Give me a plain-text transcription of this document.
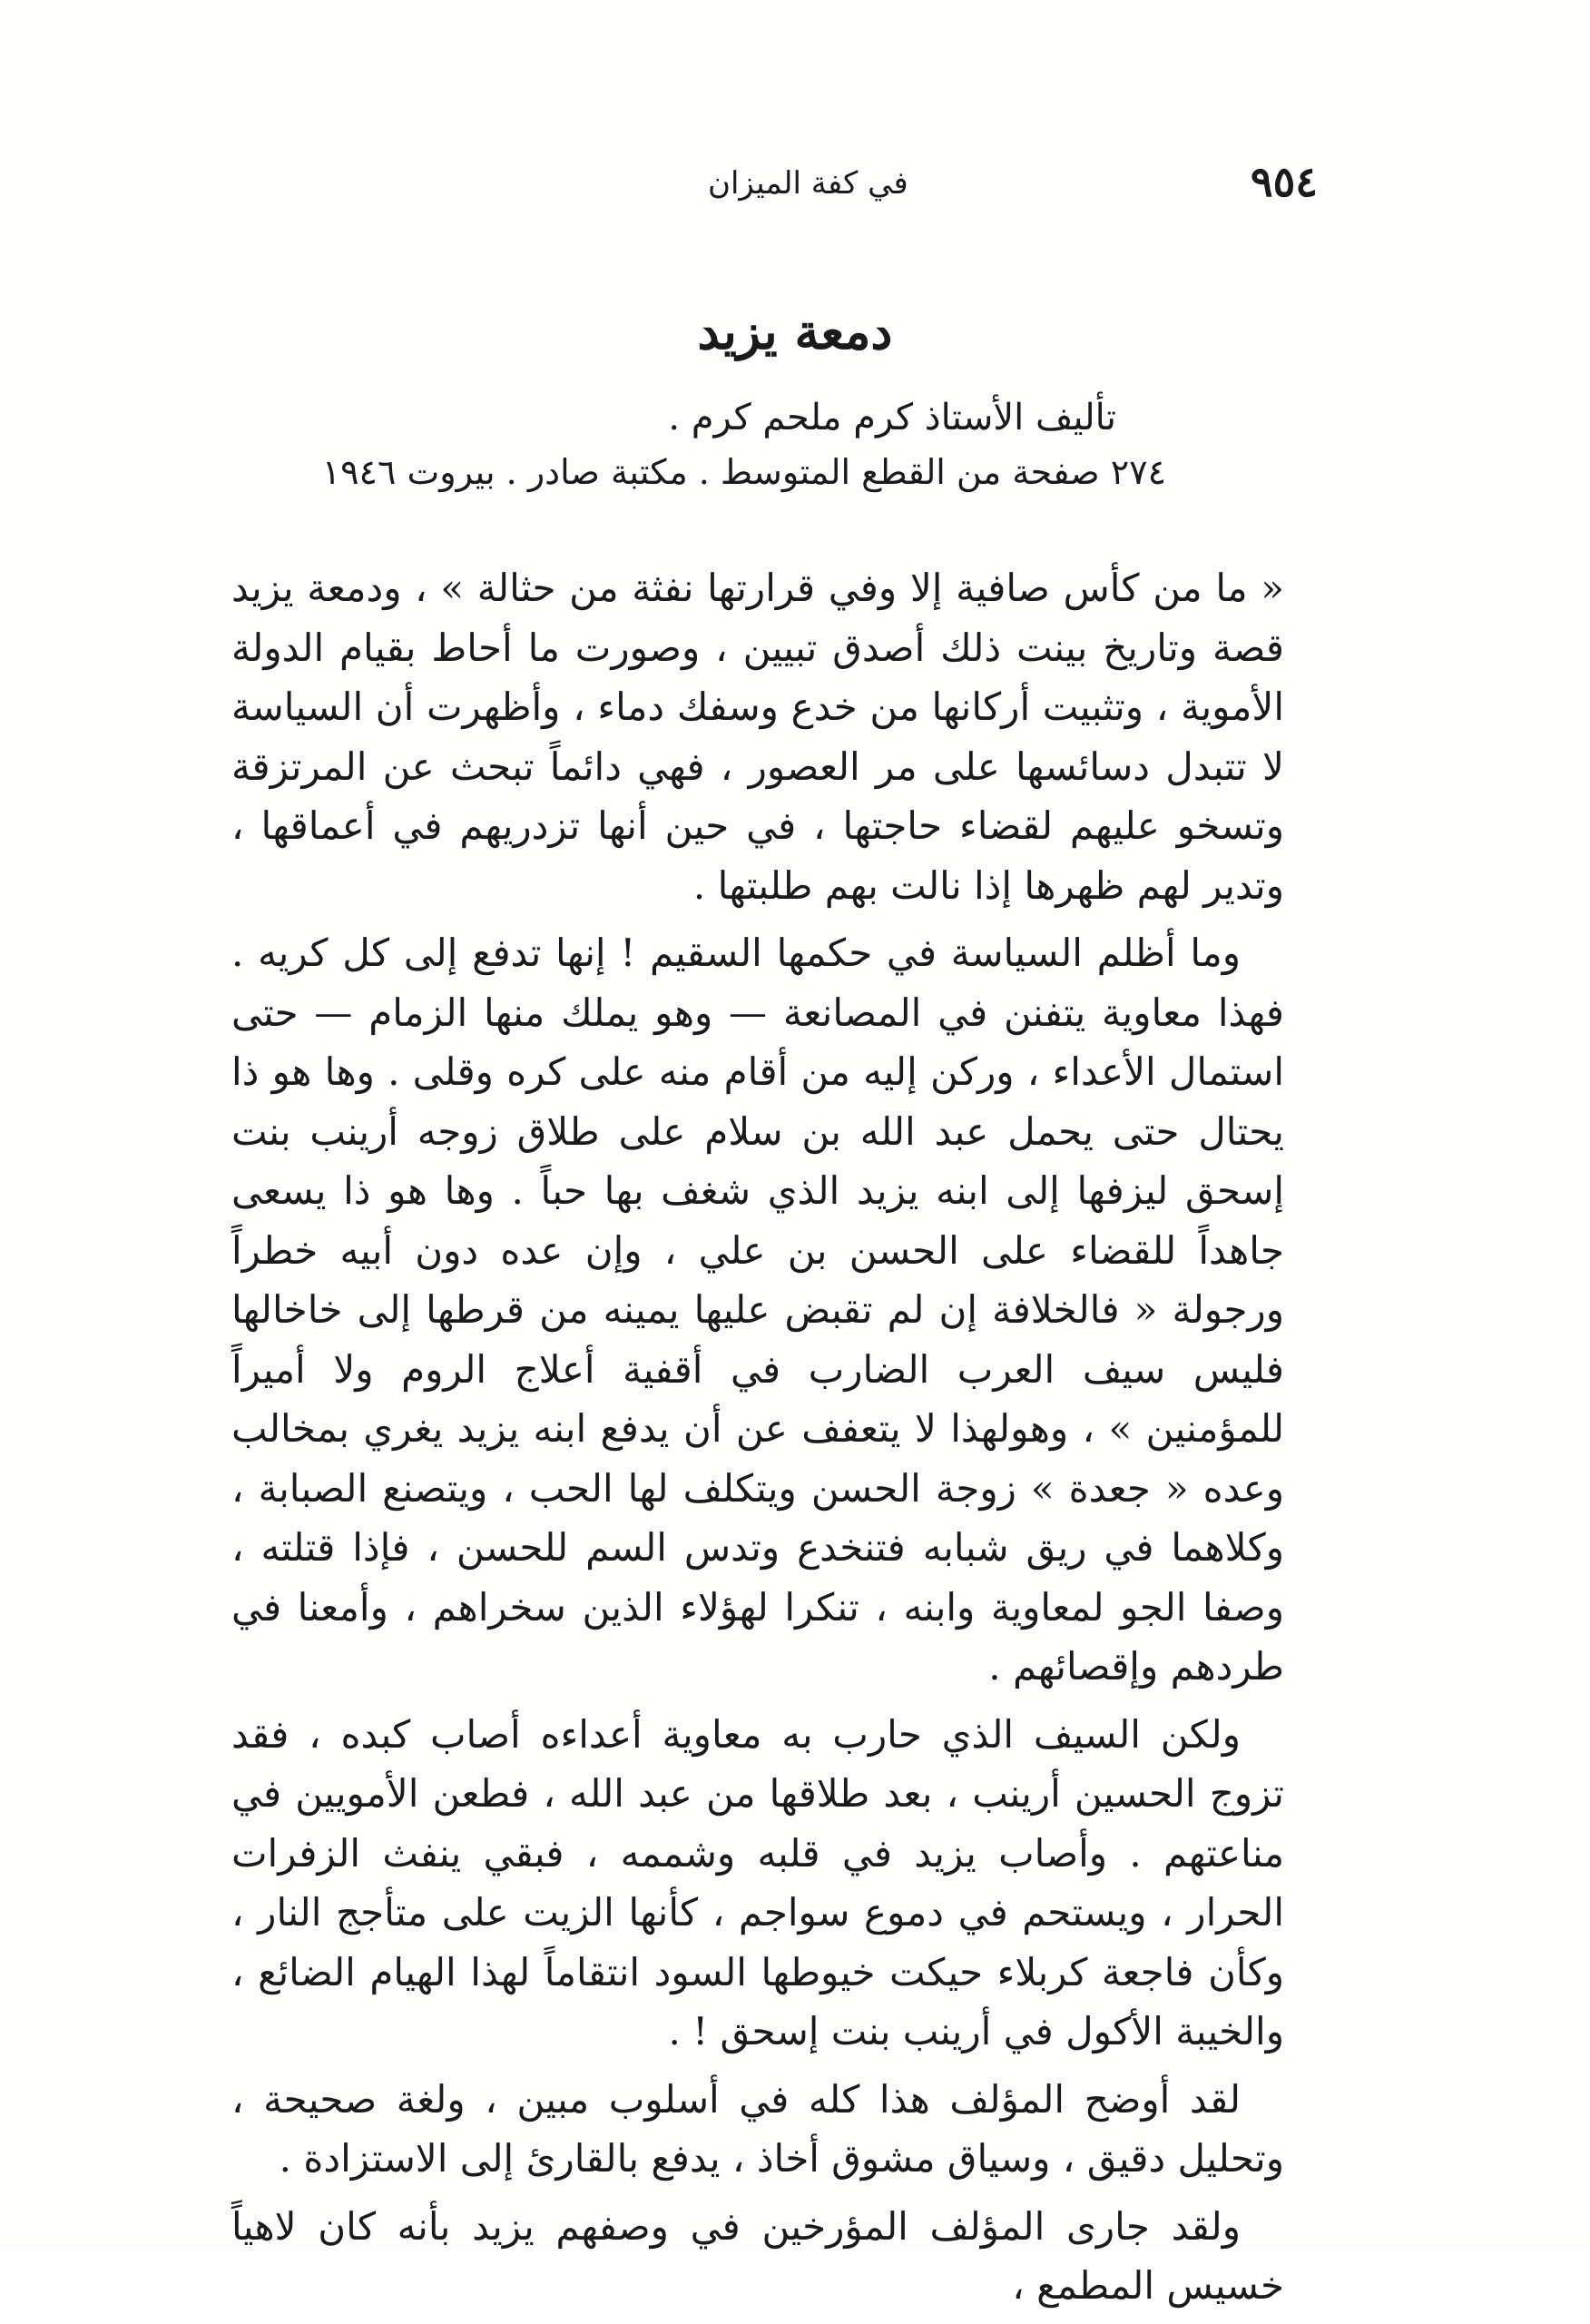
٩٥٤
في كفة الميزان
دمعة يزيد
تأليف الأستاذ كرم ملحم كرم .
٢٧٤ صفحة من القطع المتوسط . مكتبة صادر . بيروت ١٩٤٦

« ما من كأس صافية إلا وفي قرارتها نفثة من حثالة » ، ودمعة يزيد قصة وتاريخ بينت ذلك أصدق تبيين ، وصورت ما أحاط بقيام الدولة الأموية ، وتثبيت أركانها من خدع وسفك دماء ، وأظهرت أن السياسة لا تتبدل دسائسها على مر العصور ، فهي دائماً تبحث عن المرتزقة وتسخو عليهم لقضاء حاجتها ، في حين أنها تزدريهم في أعماقها ، وتدير لهم ظهرها إذا نالت بهم طلبتها .

وما أظلم السياسة في حكمها السقيم ! إنها تدفع إلى كل كريه . فهذا معاوية يتفنن في المصانعة — وهو يملك منها الزمام — حتى استمال الأعداء ، وركن إليه من أقام منه على كره وقلى . وها هو ذا يحتال حتى يحمل عبد الله بن سلام على طلاق زوجه أرينب بنت إسحق ليزفها إلى ابنه يزيد الذي شغف بها حباً . وها هو ذا يسعى جاهداً للقضاء على الحسن بن علي ، وإن عده دون أبيه خطراً ورجولة « فالخلافة إن لم تقبض عليها يمينه من قرطها إلى خاخالها فليس سيف العرب الضارب في أقفية أعلاج الروم ولا أميراً للمؤمنين » ، وهولهذا لا يتعفف عن أن يدفع ابنه يزيد يغري بمخالب وعده « جعدة » زوجة الحسن ويتكلف لها الحب ، ويتصنع الصبابة ، وكلاهما في ريق شبابه فتنخدع وتدس السم للحسن ، فإذا قتلته ، وصفا الجو لمعاوية وابنه ، تنكرا لهؤلاء الذين سخراهم ، وأمعنا في طردهم وإقصائهم .

ولكن السيف الذي حارب به معاوية أعداءه أصاب كبده ، فقد تزوج الحسين أرينب ، بعد طلاقها من عبد الله ، فطعن الأمويين في مناعتهم . وأصاب يزيد في قلبه وشممه ، فبقي ينفث الزفرات الحرار ، ويستحم في دموع سواجم ، كأنها الزيت على متأجج النار ، وكأن فاجعة كربلاء حيكت خيوطها السود انتقاماً لهذا الهيام الضائع ، والخيبة الأكول في أرينب بنت إسحق ! .

لقد أوضح المؤلف هذا كله في أسلوب مبين ، ولغة صحيحة ، وتحليل دقيق ، وسياق مشوق أخاذ ، يدفع بالقارئ إلى الاستزادة .

ولقد جارى المؤلف المؤرخين في وصفهم يزيد بأنه كان لاهياً خسيس المطمع ،
